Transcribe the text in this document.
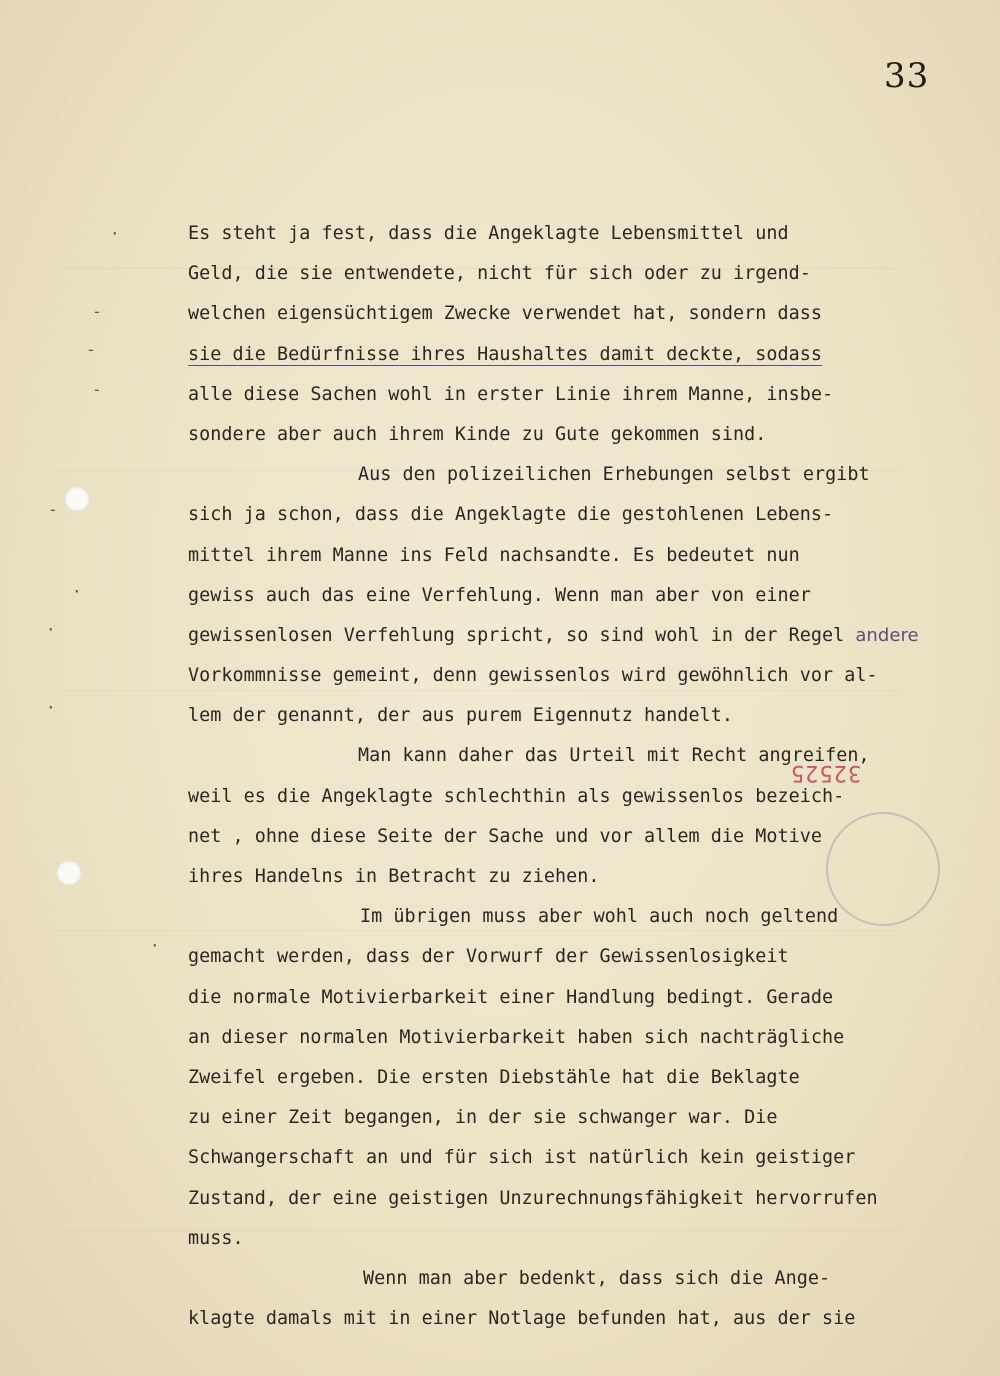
·
-
-
-
-
·
·
·
·
33
32525
Es steht ja fest, dass die Angeklagte Lebensmittel und
Geld, die sie entwendete, nicht für sich oder zu irgend-
welchen eigensüchtigem Zwecke verwendet hat, sondern dass
sie die Bedürfnisse ihres Haushaltes damit deckte, sodass
alle diese Sachen wohl in erster Linie ihrem Manne, insbe-
sondere aber auch ihrem Kinde zu Gute gekommen sind.
Aus den polizeilichen Erhebungen selbst ergibt
sich ja schon, dass die Angeklagte die gestohlenen Lebens-
mittel ihrem Manne ins Feld nachsandte. Es bedeutet nun
gewiss auch das eine Verfehlung. Wenn man aber von einer
gewissenlosen Verfehlung spricht, so sind wohl in der Regel andere
Vorkommnisse gemeint, denn gewissenlos wird gewöhnlich vor al-
lem der genannt, der aus purem Eigennutz handelt.
Man kann daher das Urteil mit Recht angreifen,
weil es die Angeklagte schlechthin als gewissenlos bezeich-
net , ohne diese Seite der Sache und vor allem die Motive
ihres Handelns in Betracht zu ziehen.
Im übrigen muss aber wohl auch noch geltend
gemacht werden, dass der Vorwurf der Gewissenlosigkeit
die normale Motivierbarkeit einer Handlung bedingt. Gerade
an dieser normalen Motivierbarkeit haben sich nachträgliche
Zweifel ergeben. Die ersten Diebstähle hat die Beklagte
zu einer Zeit begangen, in der sie schwanger war. Die
Schwangerschaft an und für sich ist natürlich kein geistiger
Zustand, der eine geistigen Unzurechnungsfähigkeit hervorrufen
muss.
Wenn man aber bedenkt, dass sich die Ange-
klagte damals mit in einer Notlage befunden hat, aus der sie
